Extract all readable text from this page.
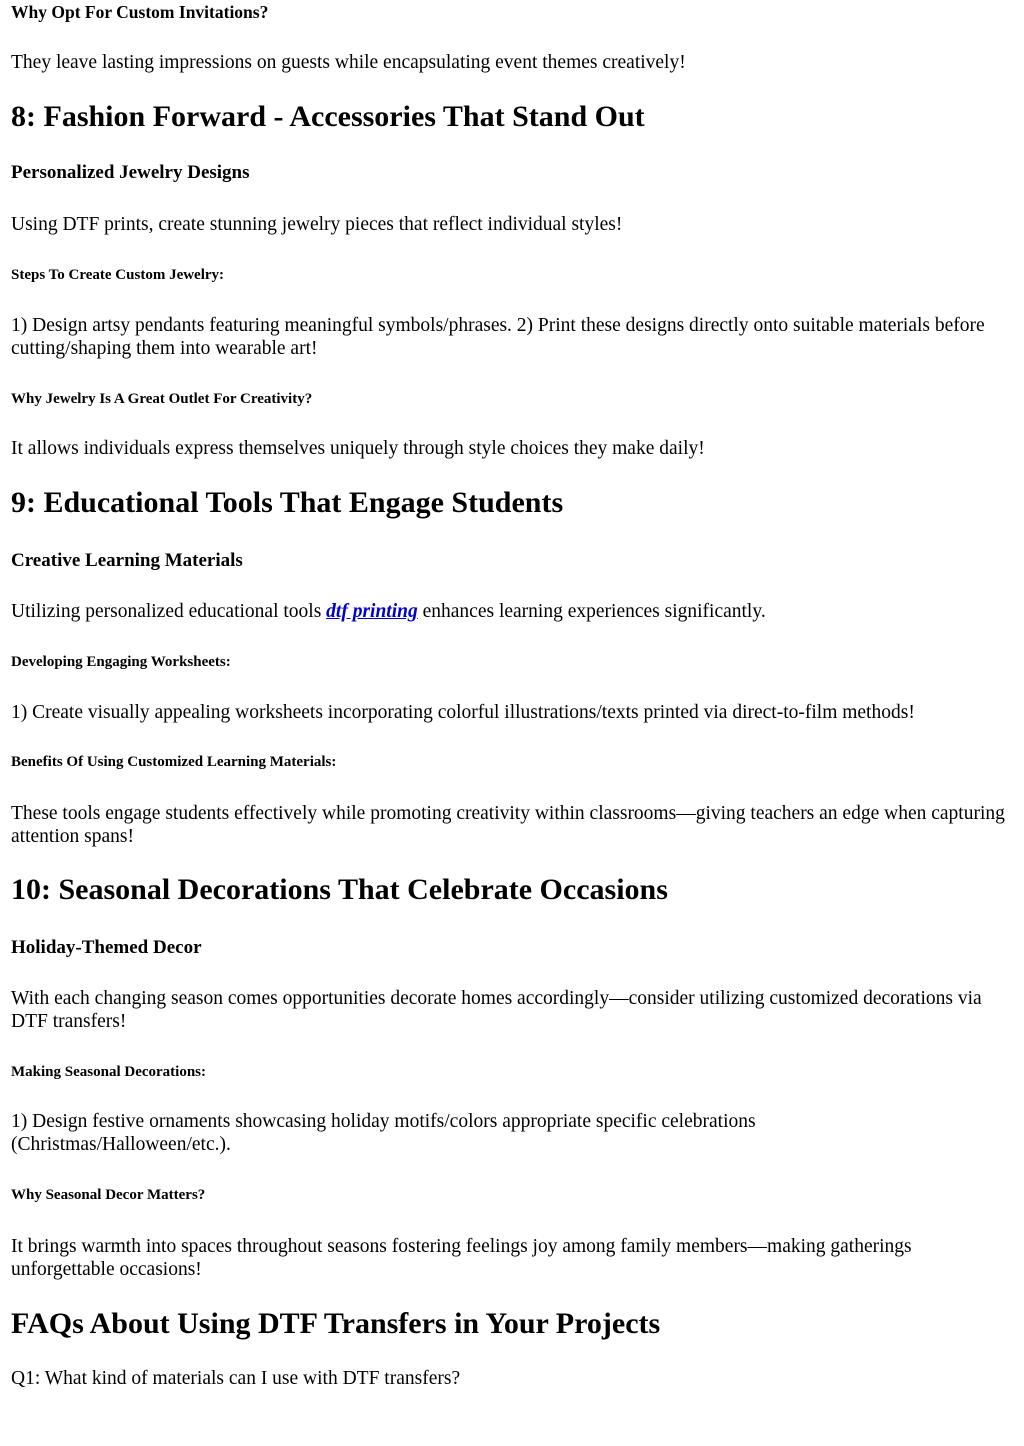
Why Opt For Custom Invitations?

They leave lasting impressions on guests while encapsulating event themes creatively!

8: Fashion Forward - Accessories That Stand Out
Personalized Jewelry Designs

Using DTF prints, create stunning jewelry pieces that reflect individual styles!

Steps To Create Custom Jewelry:

1) Design artsy pendants featuring meaningful symbols/phrases. 2) Print these designs directly onto suitable materials before cutting/shaping them into wearable art!

Why Jewelry Is A Great Outlet For Creativity?

It allows individuals express themselves uniquely through style choices they make daily!

9: Educational Tools That Engage Students
Creative Learning Materials

Utilizing personalized educational tools dtf printing enhances learning experiences significantly.

Developing Engaging Worksheets:

1) Create visually appealing worksheets incorporating colorful illustrations/texts printed via direct-to-film methods!

Benefits Of Using Customized Learning Materials:

These tools engage students effectively while promoting creativity within classrooms—giving teachers an edge when capturing attention spans!

10: Seasonal Decorations That Celebrate Occasions
Holiday-Themed Decor

With each changing season comes opportunities decorate homes accordingly—consider utilizing customized decorations via DTF transfers!

Making Seasonal Decorations:

1) Design festive ornaments showcasing holiday motifs/colors appropriate specific celebrations (Christmas/Halloween/etc.).

Why Seasonal Decor Matters?

It brings warmth into spaces throughout seasons fostering feelings joy among family members—making gatherings unforgettable occasions!

FAQs About Using DTF Transfers in Your Projects

Q1: What kind of materials can I use with DTF transfers?
